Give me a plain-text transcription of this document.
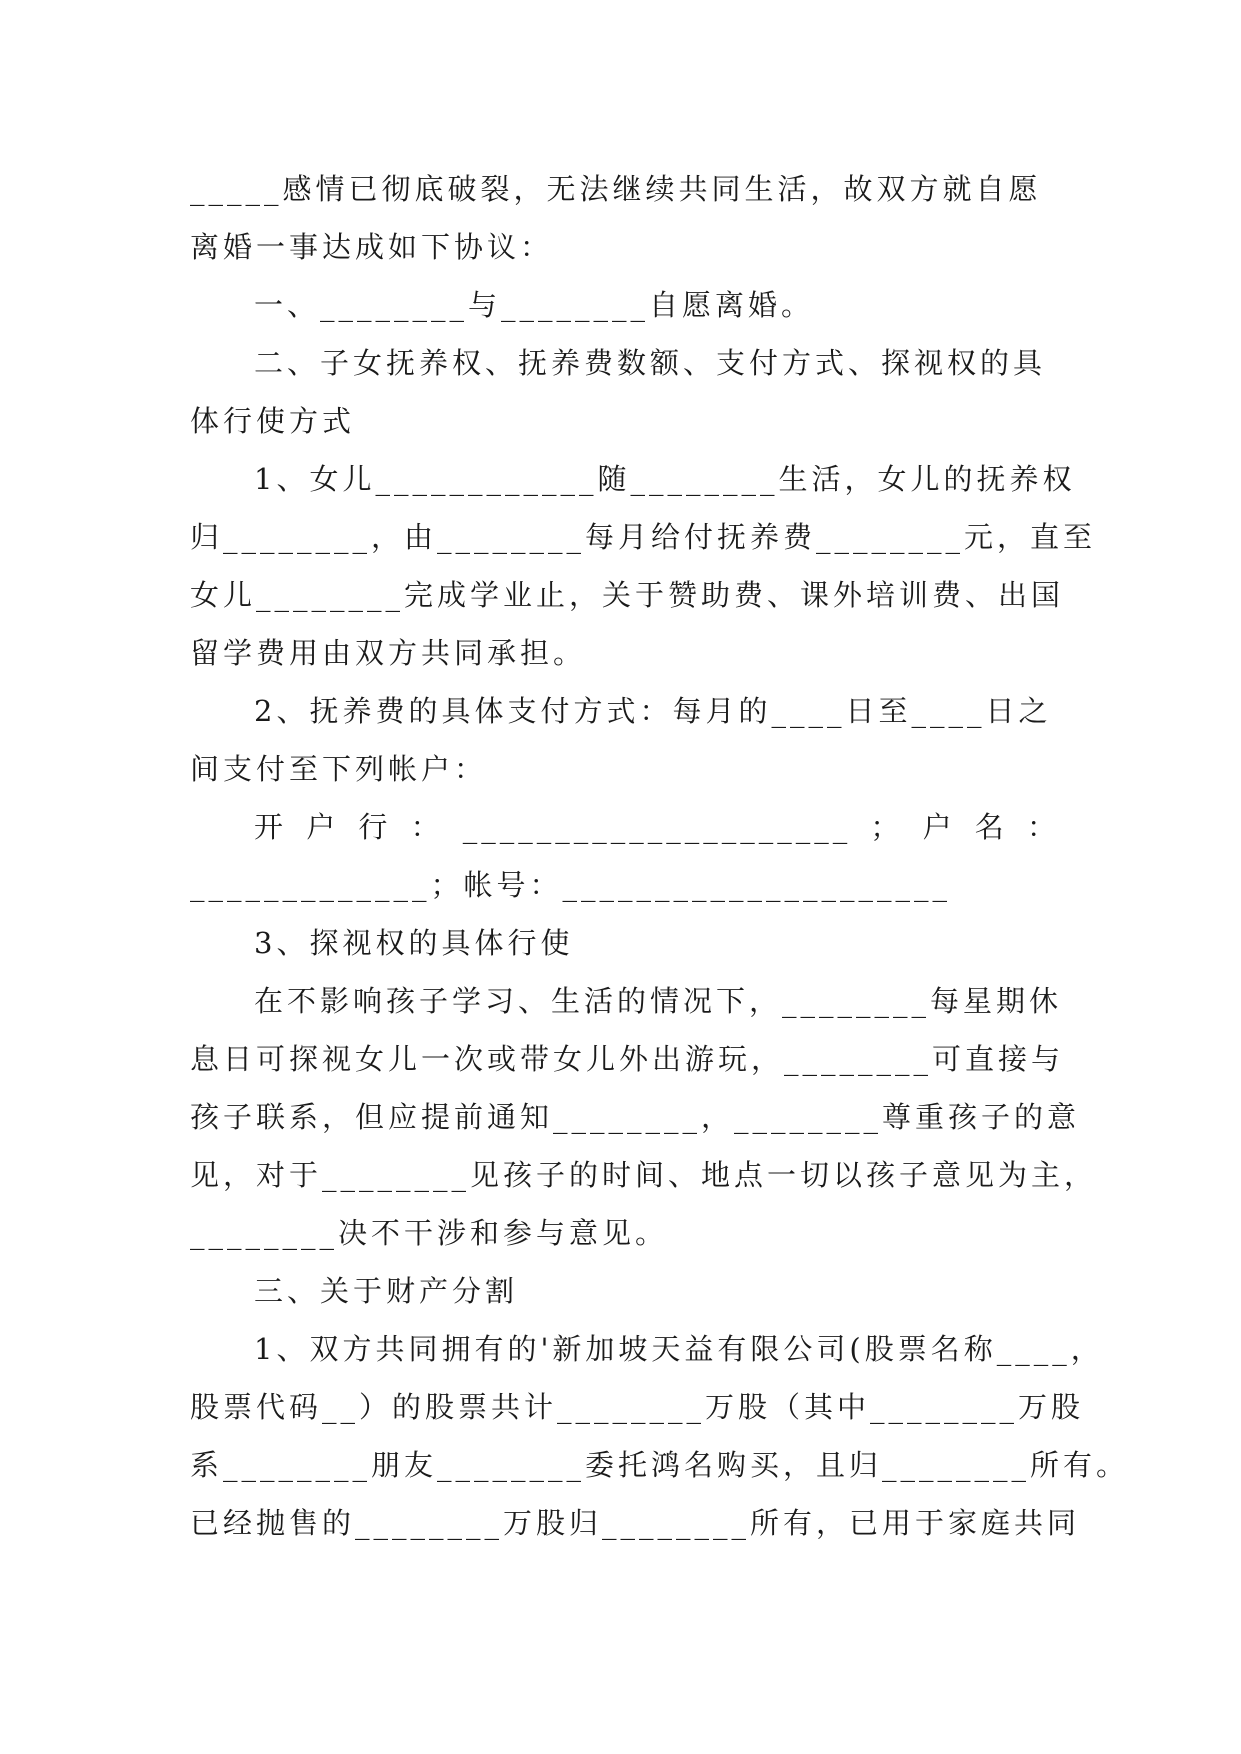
_____感情已彻底破裂，无法继续共同生活，故双方就自愿
离婚一事达成如下协议：
一、________与________自愿离婚。
二、子女抚养权、抚养费数额、支付方式、探视权的具
体行使方式
1、女儿____________随________生活，女儿的抚养权
归________，由________每月给付抚养费________元，直至
女儿________完成学业止，关于赞助费、课外培训费、出国
留学费用由双方共同承担。
2、抚养费的具体支付方式：每月的____日至____日之
间支付至下列帐户：
开 户 行 ： _____________________ ； 户 名 ：
_____________；帐号：_____________________
3、探视权的具体行使
在不影响孩子学习、生活的情况下，________每星期休
息日可探视女儿一次或带女儿外出游玩，________可直接与
孩子联系，但应提前通知________，________尊重孩子的意
见，对于________见孩子的时间、地点一切以孩子意见为主，
________决不干涉和参与意见。
三、关于财产分割
1、双方共同拥有的'新加坡天益有限公司(股票名称____，
股票代码__）的股票共计________万股（其中________万股
系________朋友________委托鸿名购买，且归________所有。
已经抛售的________万股归________所有，已用于家庭共同
